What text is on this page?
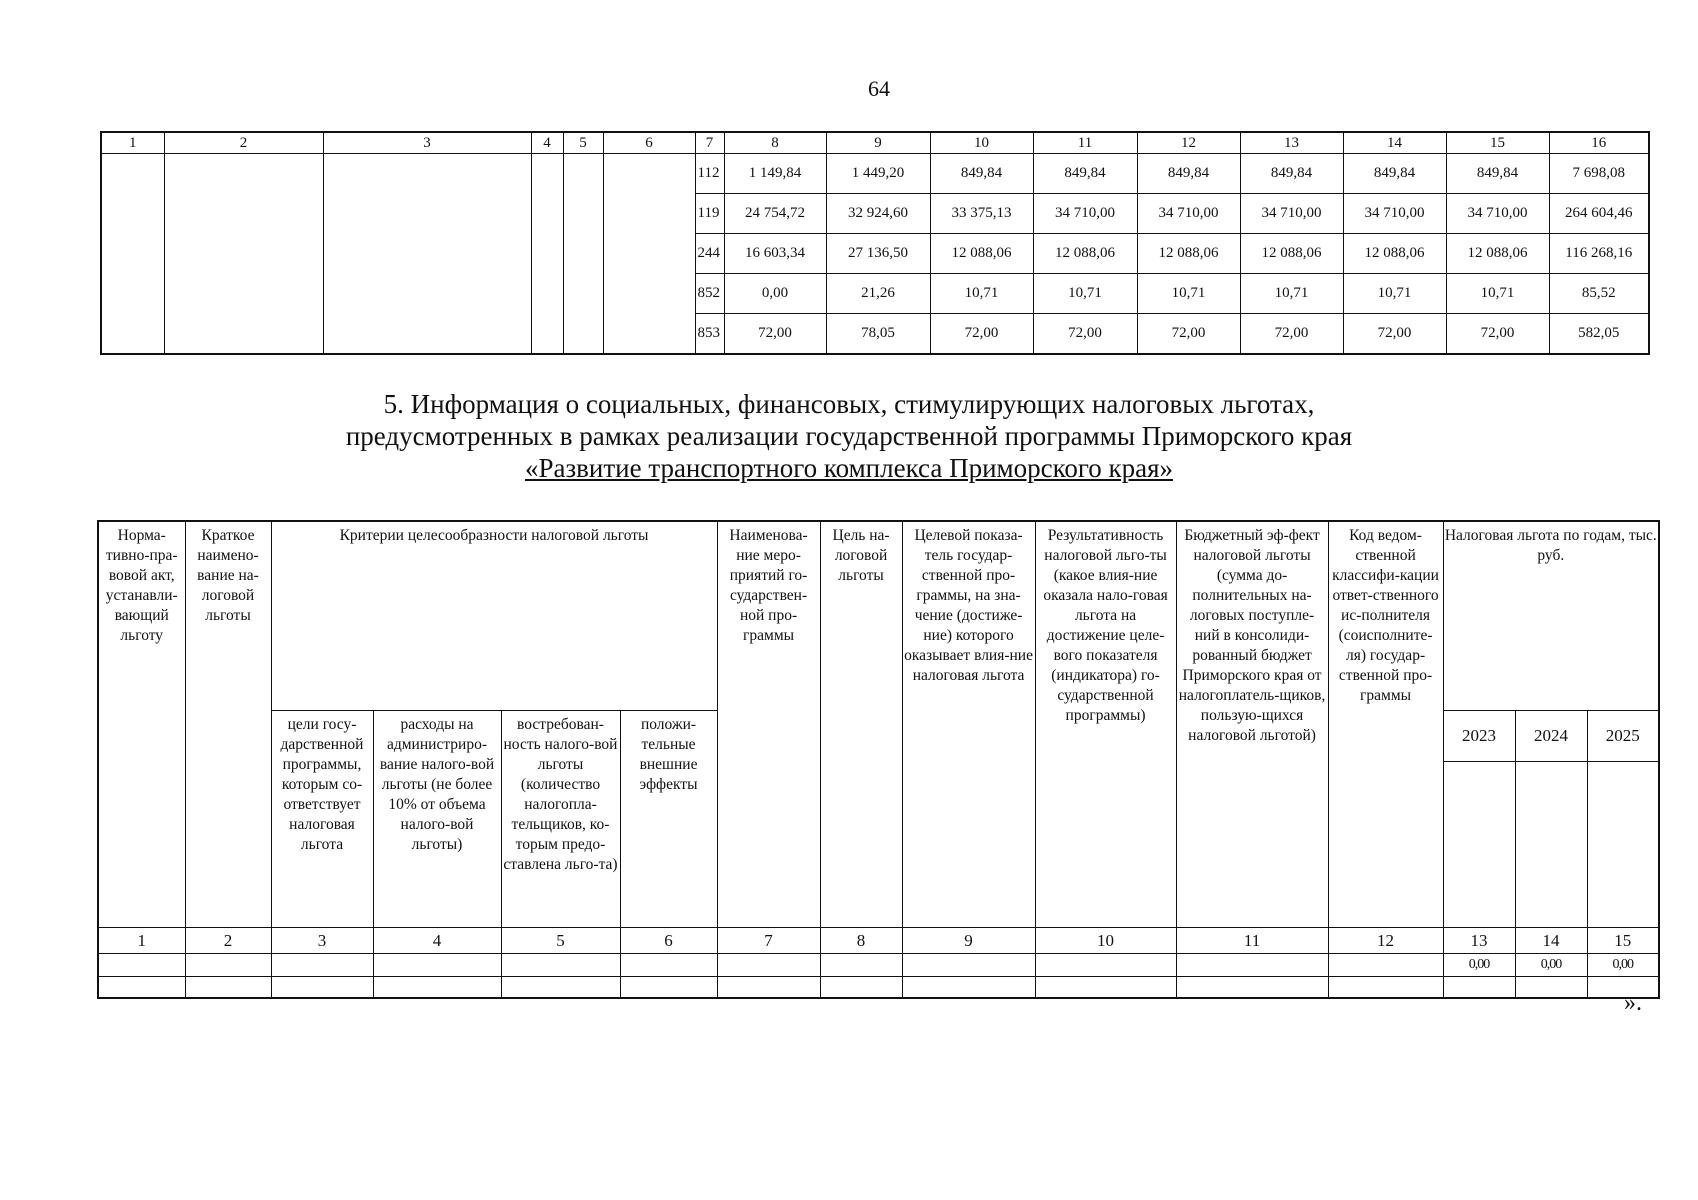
64
1	2	3	4	5	6	7	8	9	10	11	12	13	14	15	16
						112	1 149,84	1 449,20	849,84	849,84	849,84	849,84	849,84	849,84	7 698,08
						119	24 754,72	32 924,60	33 375,13	34 710,00	34 710,00	34 710,00	34 710,00	34 710,00	264 604,46
						244	16 603,34	27 136,50	12 088,06	12 088,06	12 088,06	12 088,06	12 088,06	12 088,06	116 268,16
						852	0,00	21,26	10,71	10,71	10,71	10,71	10,71	10,71	85,52
						853	72,00	78,05	72,00	72,00	72,00	72,00	72,00	72,00	582,05
5. Информация о социальных, финансовых, стимулирующих налоговых льготах,
предусмотренных в рамках реализации государственной программы Приморского края
«Развитие транспортного комплекса Приморского края»
Норма-тивно-пра-вовой акт, устанавли-вающий льготу	Краткое наимено-вание на-логовой льготы	Критерии целесообразности налоговой льготы				Наименова-ние меро-приятий го-сударствен-ной про-граммы	Цель на-логовой льготы	Целевой показа-тель государ-ственной про-граммы, на зна-чение (достиже-ние) которого оказывает влия-ние налоговая льгота	Результативность налоговой льго-ты (какое влия-ние оказала нало-говая льгота на достижение целе-вого показателя (индикатора) го-сударственной программы)	Бюджетный эф-фект налоговой льготы (сумма до-полнительных на-логовых поступле-ний в консолиди-рованный бюджет Приморского края от налогоплатель-щиков, пользую-щихся налоговой льготой)	Код ведом-ственной классифи-кации ответ-ственного ис-полнителя (соисполните-ля) государ-ственной про-граммы	Налоговая льгота по годам, тыс. руб.		
		цели госу-дарственной программы, которым со-ответствует налоговая льгота	расходы на администриро-вание налого-вой льготы (не более 10% от объема налого-вой льготы)	востребован-ность налого-вой льготы (количество налогопла-тельщиков, ко-торым предо-ставлена льго-та)	положи-тельные внешние эффекты							2023	2024	2025

1	2	3	4	5	6	7	8	9	10	11	12	13	14	15
												0,00	0,00	0,00

».
